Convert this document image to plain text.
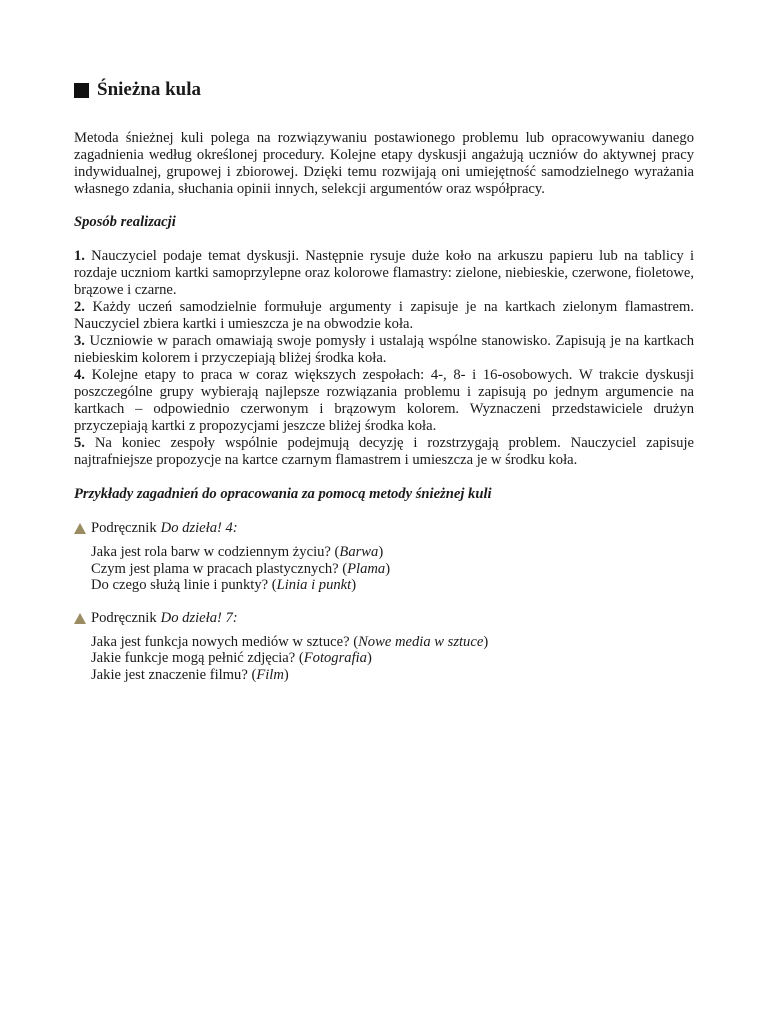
Śnieżna kula

Metoda śnieżnej kuli polega na rozwiązywaniu postawionego problemu lub opracowywaniu danego zagadnienia według określonej procedury. Kolejne etapy dyskusji angażują uczniów do aktywnej pracy indywidualnej, grupowej i zbiorowej. Dzięki temu rozwijają oni umiejętność samodzielnego wyrażania własnego zdania, słuchania opinii innych, selekcji argumentów oraz współpracy.

Sposób realizacji

1. Nauczyciel podaje temat dyskusji. Następnie rysuje duże koło na arkuszu papieru lub na tablicy i rozdaje uczniom kartki samoprzylepne oraz kolorowe flamastry: zielone, niebieskie, czerwone, fioletowe, brązowe i czarne.

2. Każdy uczeń samodzielnie formułuje argumenty i zapisuje je na kartkach zielonym flamastrem. Nauczyciel zbiera kartki i umieszcza je na obwodzie koła.

3. Uczniowie w parach omawiają swoje pomysły i ustalają wspólne stanowisko. Zapisują je na kartkach niebieskim kolorem i przyczepiają bliżej środka koła.

4. Kolejne etapy to praca w coraz większych zespołach: 4-, 8- i 16-osobowych. W trakcie dyskusji poszczególne grupy wybierają najlepsze rozwiązania problemu i zapisują po jednym argumencie na kartkach – odpowiednio czerwonym i brązowym kolorem. Wyznaczeni przedstawiciele drużyn przyczepiają kartki z propozycjami jeszcze bliżej środka koła.

5. Na koniec zespoły wspólnie podejmują decyzję i rozstrzygają problem. Nauczyciel zapisuje najtrafniejsze propozycje na kartce czarnym flamastrem i umieszcza je w środku koła.

Przykłady zagadnień do opracowania za pomocą metody śnieżnej kuli
Podręcznik Do dzieła! 4:
Jaka jest rola barw w codziennym życiu? (Barwa)
Czym jest plama w pracach plastycznych? (Plama)
Do czego służą linie i punkty? (Linia i punkt)
Podręcznik Do dzieła! 7:
Jaka jest funkcja nowych mediów w sztuce? (Nowe media w sztuce)
Jakie funkcje mogą pełnić zdjęcia? (Fotografia)
Jakie jest znaczenie filmu? (Film)
